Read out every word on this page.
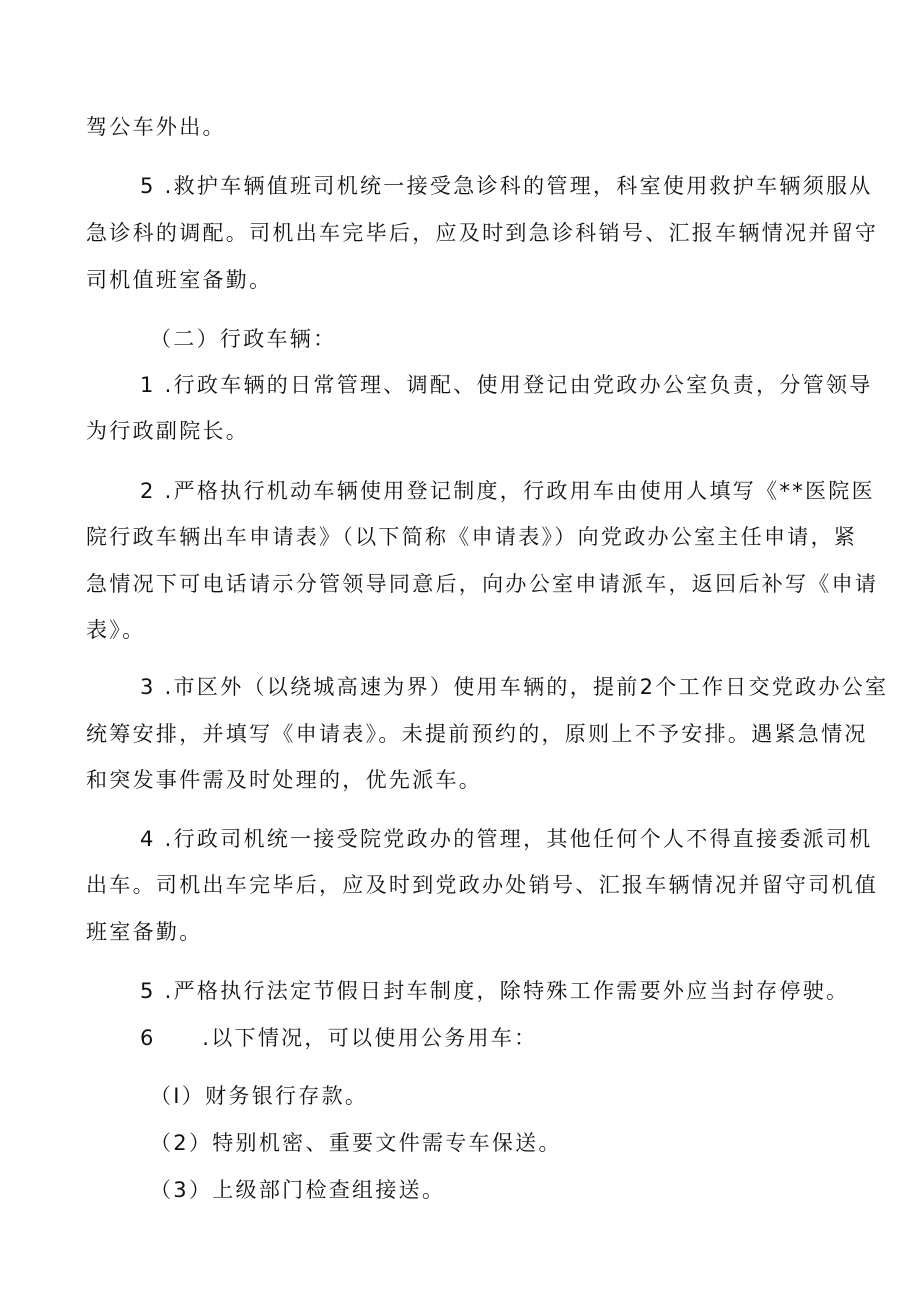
驾公车外出。
5 .救护车辆值班司机统一接受急诊科的管理，科室使用救护车辆须服从
急诊科的调配。司机出车完毕后，应及时到急诊科销号、汇报车辆情况并留守
司机值班室备勤。
（二）行政车辆：
1 .行政车辆的日常管理、调配、使用登记由党政办公室负责，分管领导
为行政副院长。
2 .严格执行机动车辆使用登记制度，行政用车由使用人填写《**医院医
院行政车辆出车申请表》（以下简称《申请表》）向党政办公室主任申请，紧
急情况下可电话请示分管领导同意后，向办公室申请派车，返回后补写《申请
表》。
3 .市区外（以绕城高速为界）使用车辆的，提前2个工作日交党政办公室
统筹安排，并填写《申请表》。未提前预约的，原则上不予安排。遇紧急情况
和突发事件需及时处理的，优先派车。
4 .行政司机统一接受院党政办的管理，其他任何个人不得直接委派司机
出车。司机出车完毕后，应及时到党政办处销号、汇报车辆情况并留守司机值
班室备勤。
5 .严格执行法定节假日封车制度，除特殊工作需要外应当封存停驶。
6　　.以下情况，可以使用公务用车：
（I）财务银行存款。
（2）特别机密、重要文件需专车保送。
（3）上级部门检查组接送。
